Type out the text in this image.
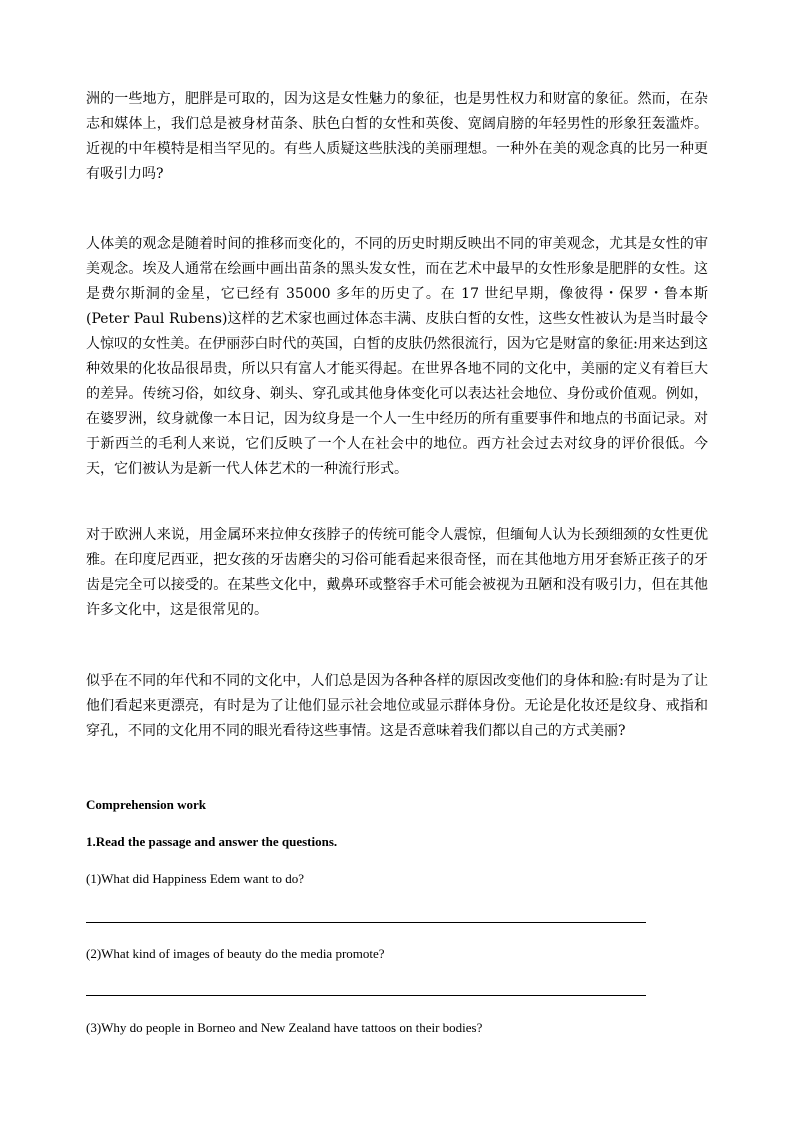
洲的一些地方，肥胖是可取的，因为这是女性魅力的象征，也是男性权力和财富的象征。然而，在杂志和媒体上，我们总是被身材苗条、肤色白皙的女性和英俊、宽阔肩膀的年轻男性的形象狂轰滥炸。近视的中年模特是相当罕见的。有些人质疑这些肤浅的美丽理想。一种外在美的观念真的比另一种更有吸引力吗?

人体美的观念是随着时间的推移而变化的，不同的历史时期反映出不同的审美观念，尤其是女性的审美观念。埃及人通常在绘画中画出苗条的黑头发女性，而在艺术中最早的女性形象是肥胖的女性。这是费尔斯洞的金星，它已经有 35000 多年的历史了。在 17 世纪早期，像彼得・保罗・鲁本斯(Peter Paul Rubens)这样的艺术家也画过体态丰满、皮肤白皙的女性，这些女性被认为是当时最令人惊叹的女性美。在伊丽莎白时代的英国，白皙的皮肤仍然很流行，因为它是财富的象征:用来达到这种效果的化妆品很昂贵，所以只有富人才能买得起。在世界各地不同的文化中，美丽的定义有着巨大的差异。传统习俗，如纹身、剃头、穿孔或其他身体变化可以表达社会地位、身份或价值观。例如，在婆罗洲，纹身就像一本日记，因为纹身是一个人一生中经历的所有重要事件和地点的书面记录。对于新西兰的毛利人来说，它们反映了一个人在社会中的地位。西方社会过去对纹身的评价很低。今天，它们被认为是新一代人体艺术的一种流行形式。

对于欧洲人来说，用金属环来拉伸女孩脖子的传统可能令人震惊，但缅甸人认为长颈细颈的女性更优雅。在印度尼西亚，把女孩的牙齿磨尖的习俗可能看起来很奇怪，而在其他地方用牙套矫正孩子的牙齿是完全可以接受的。在某些文化中，戴鼻环或整容手术可能会被视为丑陋和没有吸引力，但在其他许多文化中，这是很常见的。

似乎在不同的年代和不同的文化中，人们总是因为各种各样的原因改变他们的身体和脸:有时是为了让他们看起来更漂亮，有时是为了让他们显示社会地位或显示群体身份。无论是化妆还是纹身、戒指和穿孔，不同的文化用不同的眼光看待这些事情。这是否意味着我们都以自己的方式美丽?

Comprehension work

1.Read the passage and answer the questions.

(1)What did Happiness Edem want to do?

(2)What kind of images of beauty do the media promote?

(3)Why do people in Borneo and New Zealand have tattoos on their bodies?
